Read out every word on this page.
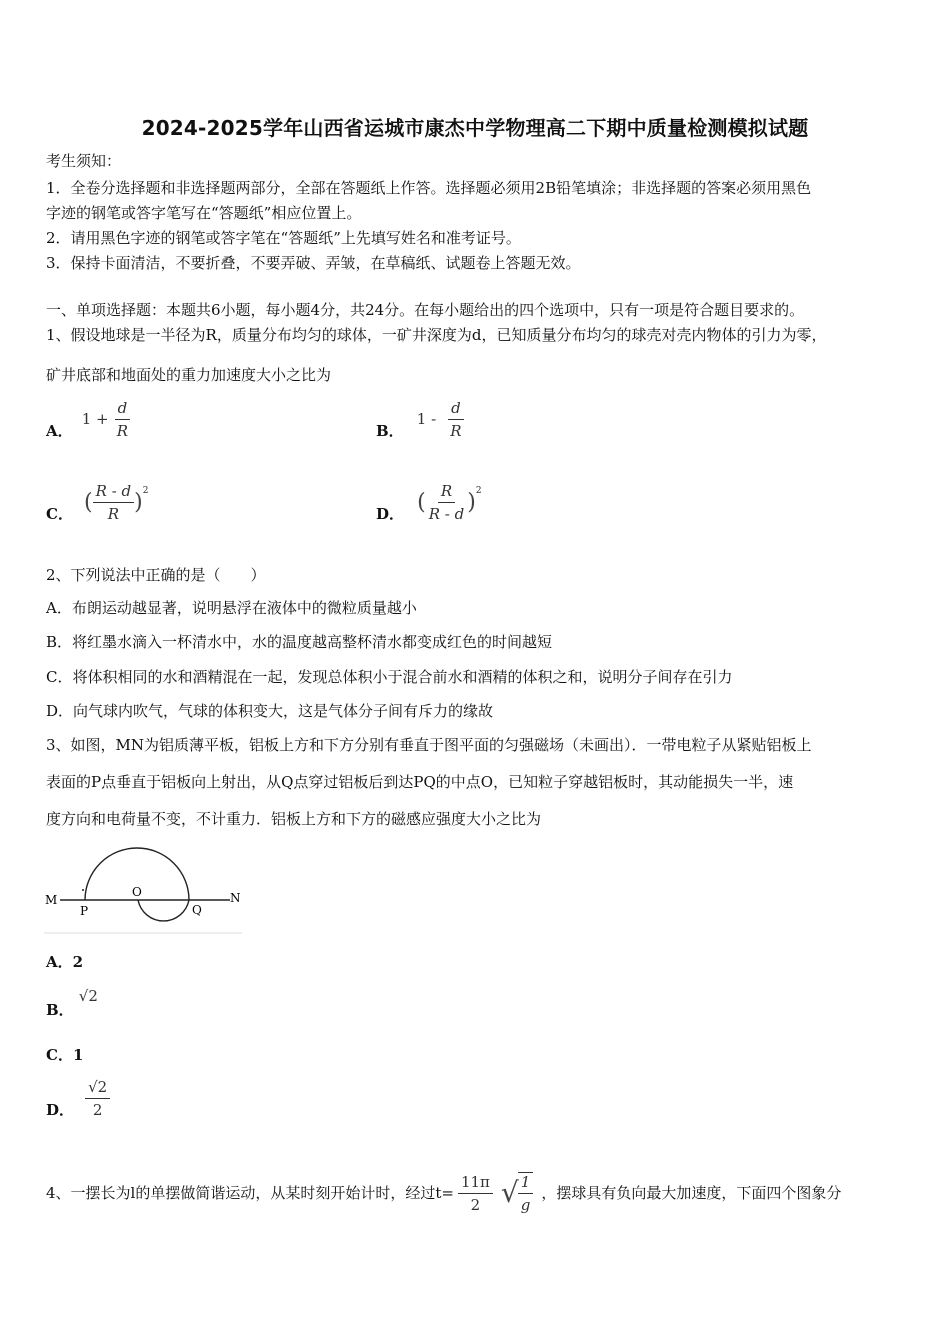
2024-2025学年山西省运城市康杰中学物理高二下期中质量检测模拟试题
考生须知：
1．全卷分选择题和非选择题两部分，全部在答题纸上作答。选择题必须用2B铅笔填涂；非选择题的答案必须用黑色
字迹的钢笔或答字笔写在“答题纸”相应位置上。
2．请用黑色字迹的钢笔或答字笔在“答题纸”上先填写姓名和准考证号。
3．保持卡面清洁，不要折叠，不要弄破、弄皱，在草稿纸、试题卷上答题无效。
一、单项选择题：本题共6小题，每小题4分，共24分。在每小题给出的四个选项中，只有一项是符合题目要求的。
1、假设地球是一半径为R，质量分布均匀的球体，一矿井深度为d，已知质量分布均匀的球壳对壳内物体的引力为零，
矿井底部和地面处的重力加速度大小之比为
A． $1 + \frac{d}{R}$	B． $1 - \frac{d}{R}$
C． ( $\frac{R - d}{R} )^2$
D． ( $\frac{R}{R - d} )^2$
2、下列说法中正确的是（　　）
A．布朗运动越显著，说明悬浮在液体中的微粒质量越小
B．将红墨水滴入一杯清水中，水的温度越高整杯清水都变成红色的时间越短
C．将体积相同的水和酒精混在一起，发现总体积小于混合前水和酒精的体积之和，说明分子间存在引力
D．向气球内吹气，气球的体积变大，这是气体分子间有斥力的缘故
3、如图，MN为铝质薄平板，铝板上方和下方分别有垂直于图平面的匀强磁场（未画出）．一带电粒子从紧贴铝板上
表面的P点垂直于铝板向上射出，从Q点穿过铝板后到达PQ的中点O，已知粒子穿越铝板时，其动能损失一半，速
度方向和电荷量不变，不计重力．铝板上方和下方的磁感应强度大小之比为
M	N
P
O
Q
A．2
B． √2
C．1
D． $\frac{√2}{2}$
4、一摆长为l的单摆做简谐运动，从某时刻开始计时，经过$t= \frac{11\pi}{2}$ √ $\frac{1}{g}$ ，摆球具有负向最大加速度，下面四个图象分
